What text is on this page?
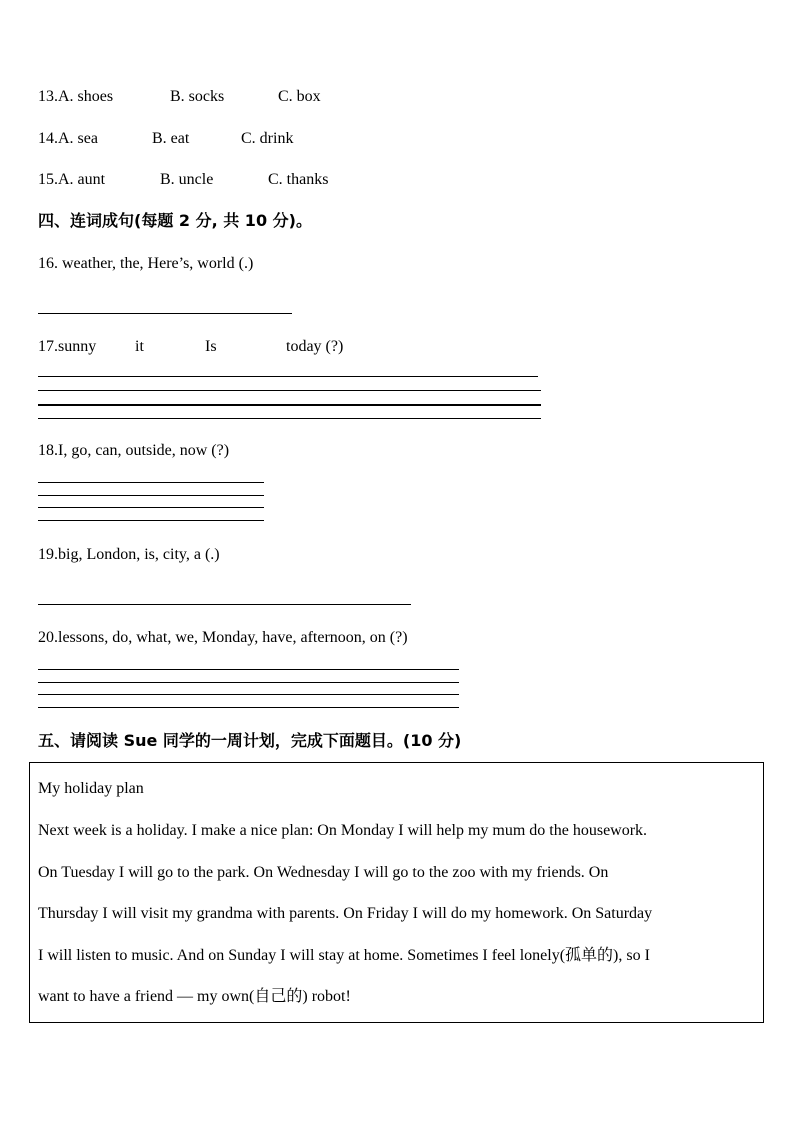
13.A. shoes	B. socks	C. box
14.A. sea	B. eat	C. drink
15.A. aunt	B. uncle	C. thanks
四、连词成句(每题 2 分, 共 10 分)。
16. weather, the, Here’s, world (.)
17.sunny it	Is	today (?)
18.I, go, can, outside, now (?)
19.big, London, is, city, a (.)
20.lessons, do, what, we, Monday, have, afternoon, on (?)
五、请阅读 Sue 同学的一周计划，完成下面题目。(10 分)
My holiday plan
Next week is a holiday. I make a nice plan: On Monday I will help my mum do the housework.
On Tuesday I will go to the park. On Wednesday I will go to the zoo with my friends. On
Thursday I will visit my grandma with parents. On Friday I will do my homework. On Saturday
I will listen to music. And on Sunday I will stay at home. Sometimes I feel lonely(孤单的), so I
want to have a friend — my own(自己的) robot!
